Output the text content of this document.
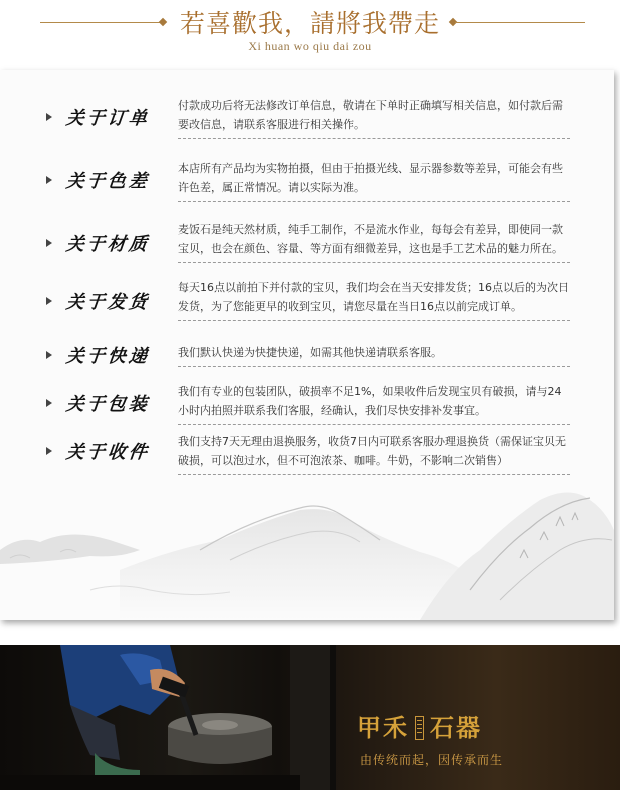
若喜歡我，請將我帶走
Xi huan wo qiu dai zou
关于订单
付款成功后将无法修改订单信息，敬请在下单时正确填写相关信息，如付款后需要改信息，请联系客服进行相关操作。
关于色差
本店所有产品均为实物拍摄，但由于拍摄光线、显示器参数等差异，可能会有些许色差，属正常情况。请以实际为准。
关于材质
麦饭石是纯天然材质，纯手工制作，不是流水作业，每每会有差异，即使同一款宝贝，也会在颜色、容量、等方面有细微差异，这也是手工艺术品的魅力所在。
关于发货
每天16点以前拍下并付款的宝贝，我们均会在当天安排发货；16点以后的为次日发货，为了您能更早的收到宝贝，请您尽量在当日16点以前完成订单。
关于快递	我们默认快递为快捷快递，如需其他快递请联系客服。
关于包装
我们有专业的包装团队，破损率不足1%，如果收件后发现宝贝有破损，请与24小时内拍照并联系我们客服，经确认，我们尽快安排补发事宜。
关于收件
我们支持7天无理由退换服务，收货7日内可联系客服办理退换货（需保证宝贝无破损，可以泡过水，但不可泡浓茶、咖啡。牛奶，不影响二次销售）
甲禾 石器
由传统而起，因传承而生
